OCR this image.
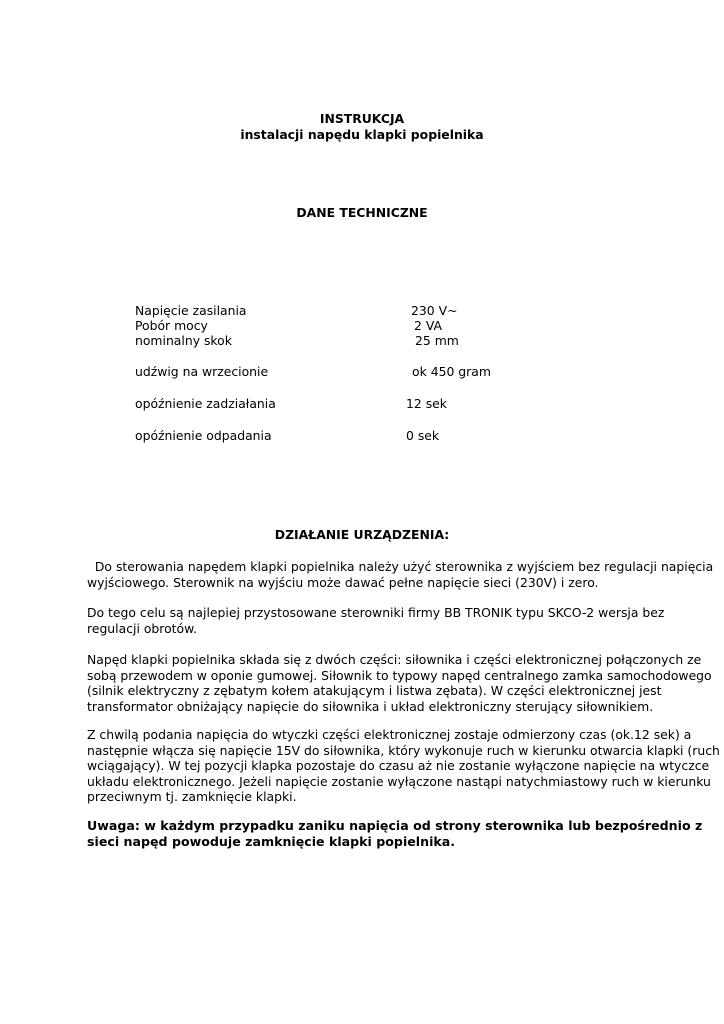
INSTRUKCJA
instalacji napędu klapki popielnika
DANE TECHNICZNE
Napięcie zasilania	230 V~
Pobór mocy	2 VA
nominalny skok	25 mm
udźwig na wrzecionie	ok 450 gram
opóźnienie zadziałania	12 sek
opóźnienie odpadania	0 sek
DZIAŁANIE URZĄDZENIA:
Do sterowania napędem klapki popielnika należy użyć sterownika z wyjściem bez regulacji napięcia
wyjściowego. Sterownik na wyjściu może dawać pełne napięcie sieci (230V) i zero.
Do tego celu są najlepiej przystosowane sterowniki firmy BB TRONIK typu SKCO-2 wersja bez
regulacji obrotów.
Napęd klapki popielnika składa się z dwóch części: siłownika i części elektronicznej połączonych ze
sobą przewodem w oponie gumowej. Siłownik to typowy napęd centralnego zamka samochodowego
(silnik elektryczny z zębatym kołem atakującym i listwa zębata). W części elektronicznej jest
transformator obniżający napięcie do siłownika i układ elektroniczny sterujący siłownikiem.
Z chwilą podania napięcia do wtyczki części elektronicznej zostaje odmierzony czas (ok.12 sek) a
następnie włącza się napięcie 15V do siłownika, który wykonuje ruch w kierunku otwarcia klapki (ruch
wciągający). W tej pozycji klapka pozostaje do czasu aż nie zostanie wyłączone napięcie na wtyczce
układu elektronicznego. Jeżeli napięcie zostanie wyłączone nastąpi natychmiastowy ruch w kierunku
przeciwnym tj. zamknięcie klapki.
Uwaga: w każdym przypadku zaniku napięcia od strony sterownika lub bezpośrednio z
sieci napęd powoduje zamknięcie klapki popielnika.
